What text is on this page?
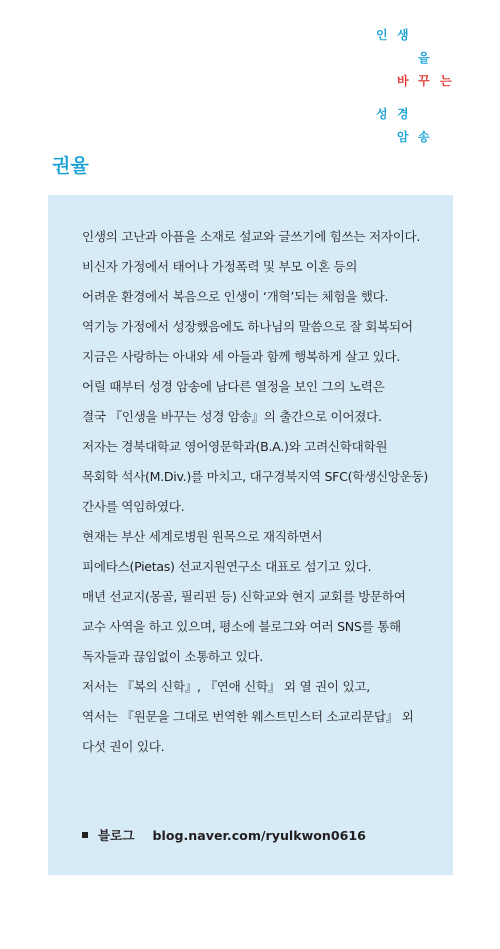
인 생
을
바 꾸 는
성 경
암 송
권율

인생의 고난과 아픔을 소재로 설교와 글쓰기에 힘쓰는 저자이다.

비신자 가정에서 태어나 가정폭력 및 부모 이혼 등의

어려운 환경에서 복음으로 인생이 ‘개혁’되는 체험을 했다.

역기능 가정에서 성장했음에도 하나님의 말씀으로 잘 회복되어

지금은 사랑하는 아내와 세 아들과 함께 행복하게 살고 있다.

어릴 때부터 성경 암송에 남다른 열정을 보인 그의 노력은

결국 『인생을 바꾸는 성경 암송』의 출간으로 이어졌다.

저자는 경북대학교 영어영문학과(B.A.)와 고려신학대학원

목회학 석사(M.Div.)를 마치고, 대구경북지역 SFC(학생신앙운동)

간사를 역임하였다.

현재는 부산 세계로병원 원목으로 재직하면서

피에타스(Pietas) 선교지원연구소 대표로 섬기고 있다.

매년 선교지(몽골, 필리핀 등) 신학교와 현지 교회를 방문하여

교수 사역을 하고 있으며, 평소에 블로그와 여러 SNS를 통해

독자들과 끊임없이 소통하고 있다.

저서는 『복의 신학』, 『연애 신학』 외 열 권이 있고,

역서는 『원문을 그대로 번역한 웨스트민스터 소교리문답』 외

다섯 권이 있다.

블로그 blog.naver.com/ryulkwon0616
